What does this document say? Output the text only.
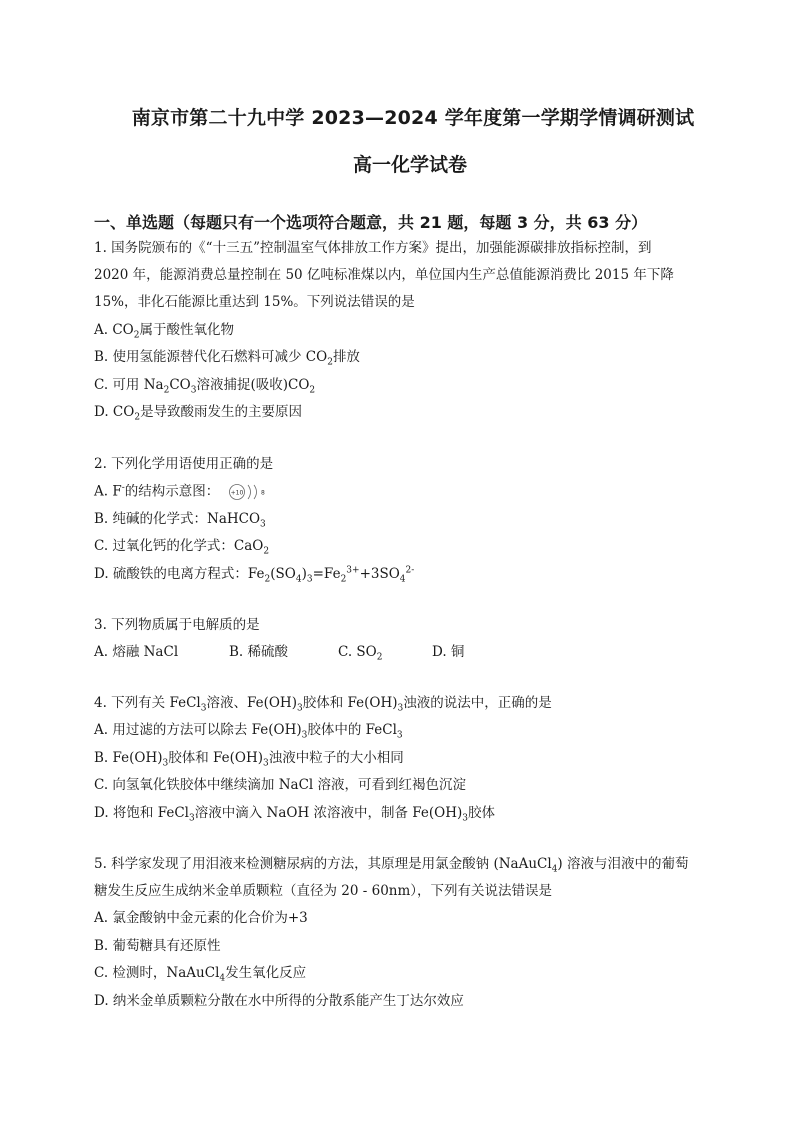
南京市第二十九中学 2023—2024 学年度第一学期学情调研测试
高一化学试卷
一、单选题（每题只有一个选项符合题意，共 21 题，每题 3 分，共 63 分）
1. 国务院颁布的《“十三五”控制温室气体排放工作方案》提出，加强能源碳排放指标控制，到
2020 年，能源消费总量控制在 50 亿吨标准煤以内，单位国内生产总值能源消费比 2015 年下降
15%，非化石能源比重达到 15%。下列说法错误的是
A. $CO_2$属于酸性氧化物
B. 使用氢能源替代化石燃料可减少 $CO_2$排放
C. 可用 $Na_2CO_3$溶液捕捉(吸收)$CO_2$
D. $CO_2$是导致酸雨发生的主要原因
2. 下列化学用语使用正确的是
A. F-的结构示意图： +10	8
B. 纯碱的化学式：NaHCO$_3$
C. 过氧化钙的化学式：CaO$_2$
D. 硫酸铁的电离方程式：$Fe_2(SO_4)_3=Fe_2^{3+}+3SO_4^{2-}$
3. 下列物质属于电解质的是
A. 熔融 NaCl	B. 稀硫酸	C. $SO_2$	D. 铜
4. 下列有关 FeCl$_3$溶液、$Fe(OH)_3$胶体和 $Fe(OH)_3$浊液的说法中，正确的是
A. 用过滤的方法可以除去 $Fe(OH)_3$胶体中的 FeCl$_3$
B. $Fe(OH)_3$胶体和 $Fe(OH)_3$浊液中粒子的大小相同
C. 向氢氧化铁胶体中继续滴加 NaCl 溶液，可看到红褐色沉淀
D. 将饱和 FeCl$_3$溶液中滴入 NaOH 浓溶液中，制备 $Fe(OH)_3$胶体
5. 科学家发现了用泪液来检测糖尿病的方法，其原理是用氯金酸钠 (NaAuCl$_4$) 溶液与泪液中的葡萄
糖发生反应生成纳米金单质颗粒（直径为 20 - 60nm），下列有关说法错误是
A. 氯金酸钠中金元素的化合价为+3
B. 葡萄糖具有还原性
C. 检测时，NaAuCl$_4$发生氧化反应
D. 纳米金单质颗粒分散在水中所得的分散系能产生丁达尔效应
